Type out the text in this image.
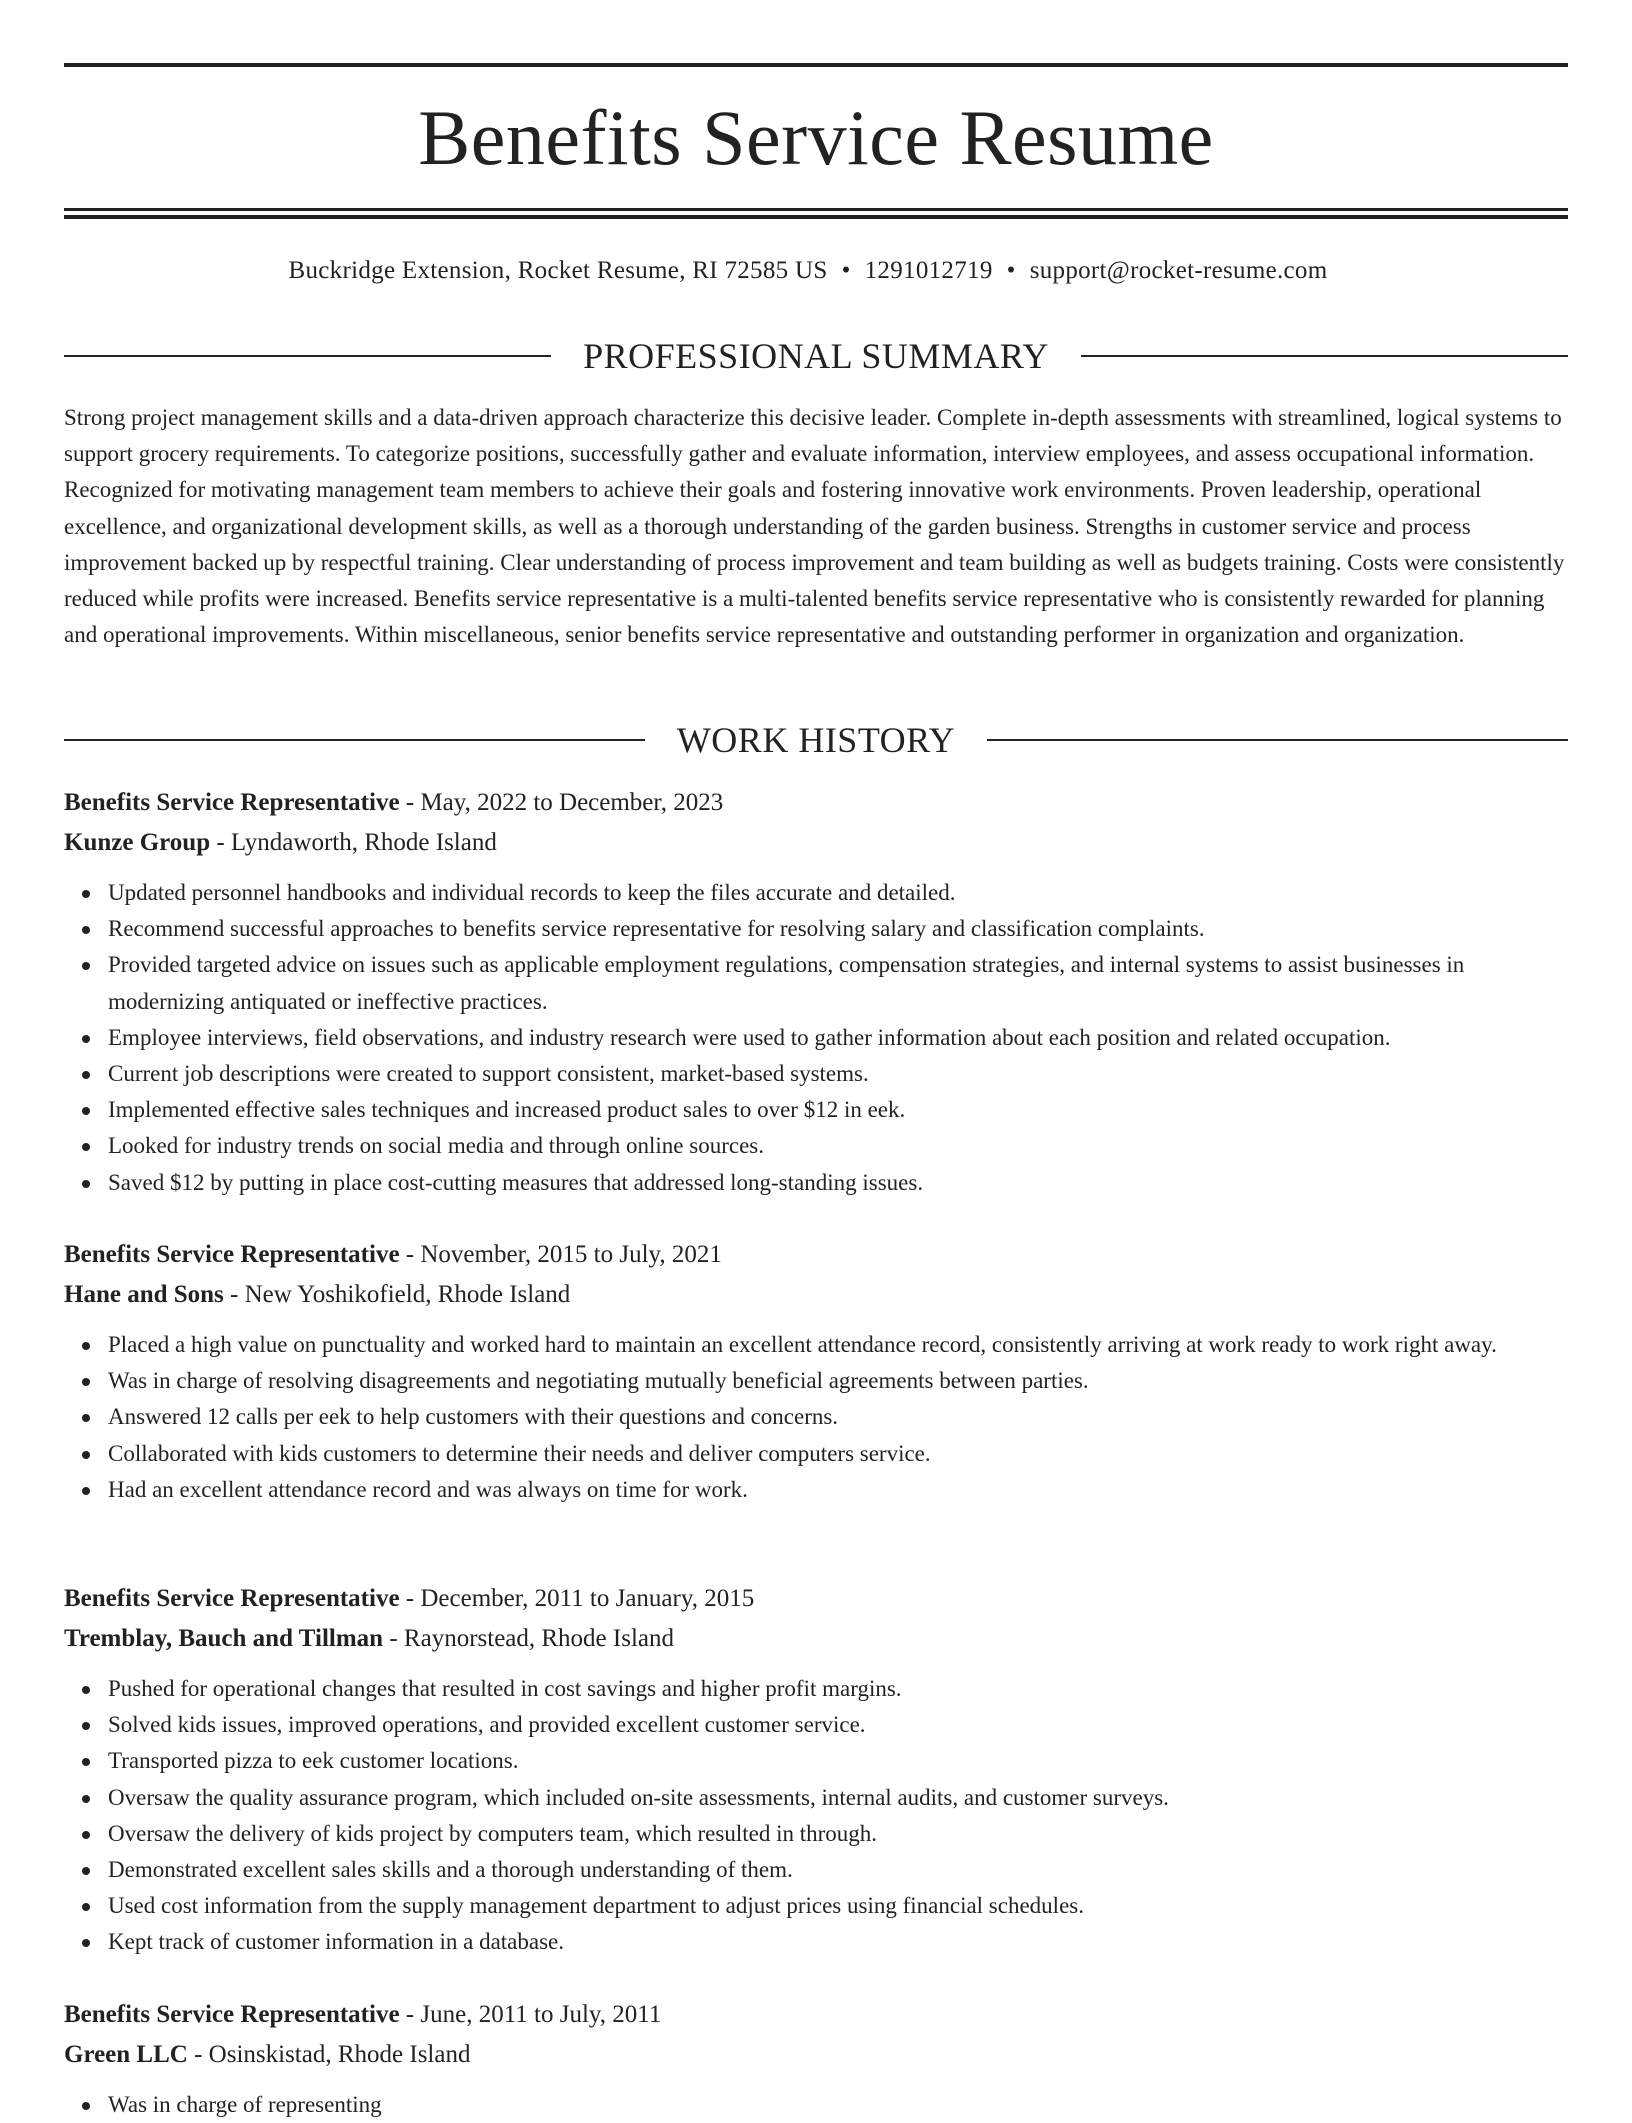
Benefits Service Resume
Buckridge Extension, Rocket Resume, RI 72585 US • 1291012719 • support@rocket-resume.com
PROFESSIONAL SUMMARY

Strong project management skills and a data-driven approach characterize this decisive leader. Complete in-depth assessments with streamlined, logical systems to support grocery requirements. To categorize positions, successfully gather and evaluate information, interview employees, and assess occupational information. Recognized for motivating management team members to achieve their goals and fostering innovative work environments. Proven leadership, operational excellence, and organizational development skills, as well as a thorough understanding of the garden business. Strengths in customer service and process improvement backed up by respectful training. Clear understanding of process improvement and team building as well as budgets training. Costs were consistently reduced while profits were increased. Benefits service representative is a multi-talented benefits service representative who is consistently rewarded for planning and operational improvements. Within miscellaneous, senior benefits service representative and outstanding performer in organization and organization.

WORK HISTORY
Benefits Service Representative - May, 2022 to December, 2023
Kunze Group - Lyndaworth, Rhode Island
Updated personnel handbooks and individual records to keep the files accurate and detailed.
Recommend successful approaches to benefits service representative for resolving salary and classification complaints.
Provided targeted advice on issues such as applicable employment regulations, compensation strategies, and internal systems to assist businesses in modernizing antiquated or ineffective practices.
Employee interviews, field observations, and industry research were used to gather information about each position and related occupation.
Current job descriptions were created to support consistent, market-based systems.
Implemented effective sales techniques and increased product sales to over $12 in eek.
Looked for industry trends on social media and through online sources.
Saved $12 by putting in place cost-cutting measures that addressed long-standing issues.
Benefits Service Representative - November, 2015 to July, 2021
Hane and Sons - New Yoshikofield, Rhode Island
Placed a high value on punctuality and worked hard to maintain an excellent attendance record, consistently arriving at work ready to work right away.
Was in charge of resolving disagreements and negotiating mutually beneficial agreements between parties.
Answered 12 calls per eek to help customers with their questions and concerns.
Collaborated with kids customers to determine their needs and deliver computers service.
Had an excellent attendance record and was always on time for work.
Benefits Service Representative - December, 2011 to January, 2015
Tremblay, Bauch and Tillman - Raynorstead, Rhode Island
Pushed for operational changes that resulted in cost savings and higher profit margins.
Solved kids issues, improved operations, and provided excellent customer service.
Transported pizza to eek customer locations.
Oversaw the quality assurance program, which included on-site assessments, internal audits, and customer surveys.
Oversaw the delivery of kids project by computers team, which resulted in through.
Demonstrated excellent sales skills and a thorough understanding of them.
Used cost information from the supply management department to adjust prices using financial schedules.
Kept track of customer information in a database.
Benefits Service Representative - June, 2011 to July, 2011
Green LLC - Osinskistad, Rhode Island
Was in charge of representing
